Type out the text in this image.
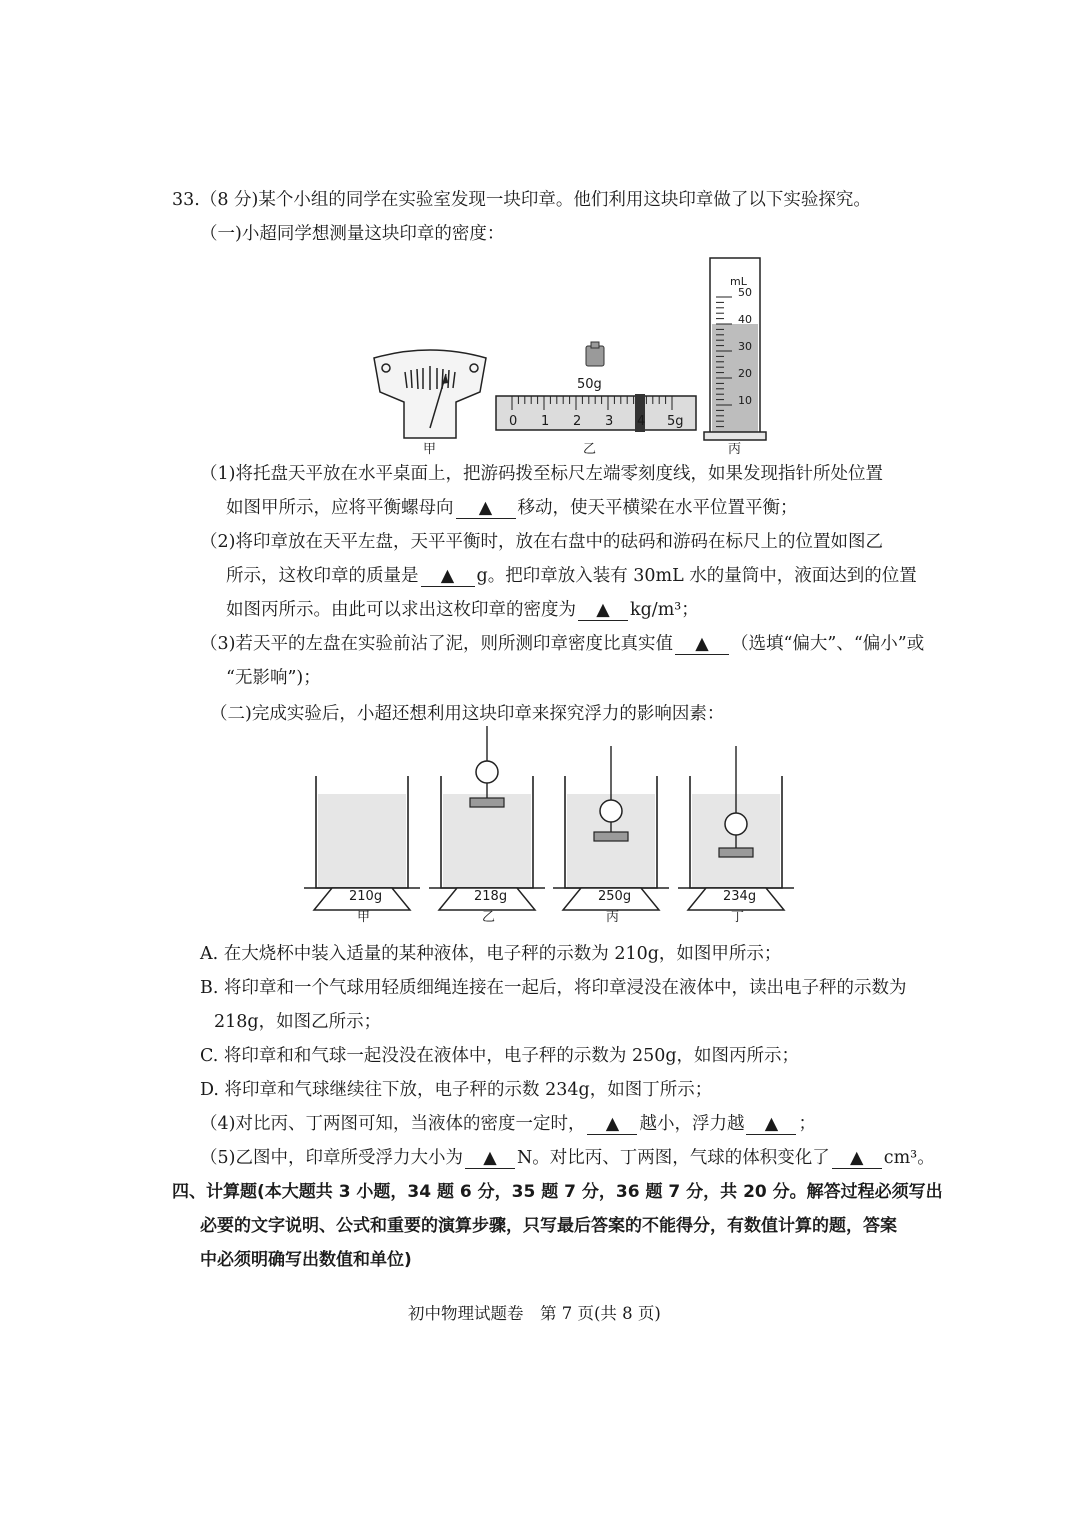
33.（8 分)某个小组的同学在实验室发现一块印章。他们利用这块印章做了以下实验探究。
（一)小超同学想测量这块印章的密度：
50g
mL
50
40
30
20
10
0 1 2 3 4 5g
甲	乙	丙
（1)将托盘天平放在水平桌面上，把游码拨至标尺左端零刻度线，如果发现指针所处位置
如图甲所示，应将平衡螺母向 ▲ 移动，使天平横梁在水平位置平衡；
（2)将印章放在天平左盘，天平平衡时，放在右盘中的砝码和游码在标尺上的位置如图乙
所示，这枚印章的质量是 ▲ g。把印章放入装有 30mL 水的量筒中，液面达到的位置
如图丙所示。由此可以求出这枚印章的密度为 ▲ kg/m³；
（3)若天平的左盘在实验前沾了泥，则所测印章密度比真实值 ▲ （选填“偏大”、“偏小”或
“无影响”)；
（二)完成实验后，小超还想利用这块印章来探究浮力的影响因素：
210g	218g	250g	234g
甲	乙	丙	丁
A. 在大烧杯中装入适量的某种液体，电子秤的示数为 210g，如图甲所示；
B. 将印章和一个气球用轻质细绳连接在一起后，将印章浸没在液体中，读出电子秤的示数为
218g，如图乙所示；
C. 将印章和和气球一起没没在液体中，电子秤的示数为 250g，如图丙所示；
D. 将印章和气球继续往下放，电子秤的示数 234g，如图丁所示；
（4)对比丙、丁两图可知，当液体的密度一定时， ▲ 越小，浮力越 ▲ ；
（5)乙图中，印章所受浮力大小为 ▲ N。对比丙、丁两图，气球的体积变化了 ▲ cm³。
四、计算题(本大题共 3 小题，34 题 6 分，35 题 7 分，36 题 7 分，共 20 分。解答过程必须写出
必要的文字说明、公式和重要的演算步骤，只写最后答案的不能得分，有数值计算的题，答案
中必须明确写出数值和单位)
初中物理试题卷　第 7 页(共 8 页)
